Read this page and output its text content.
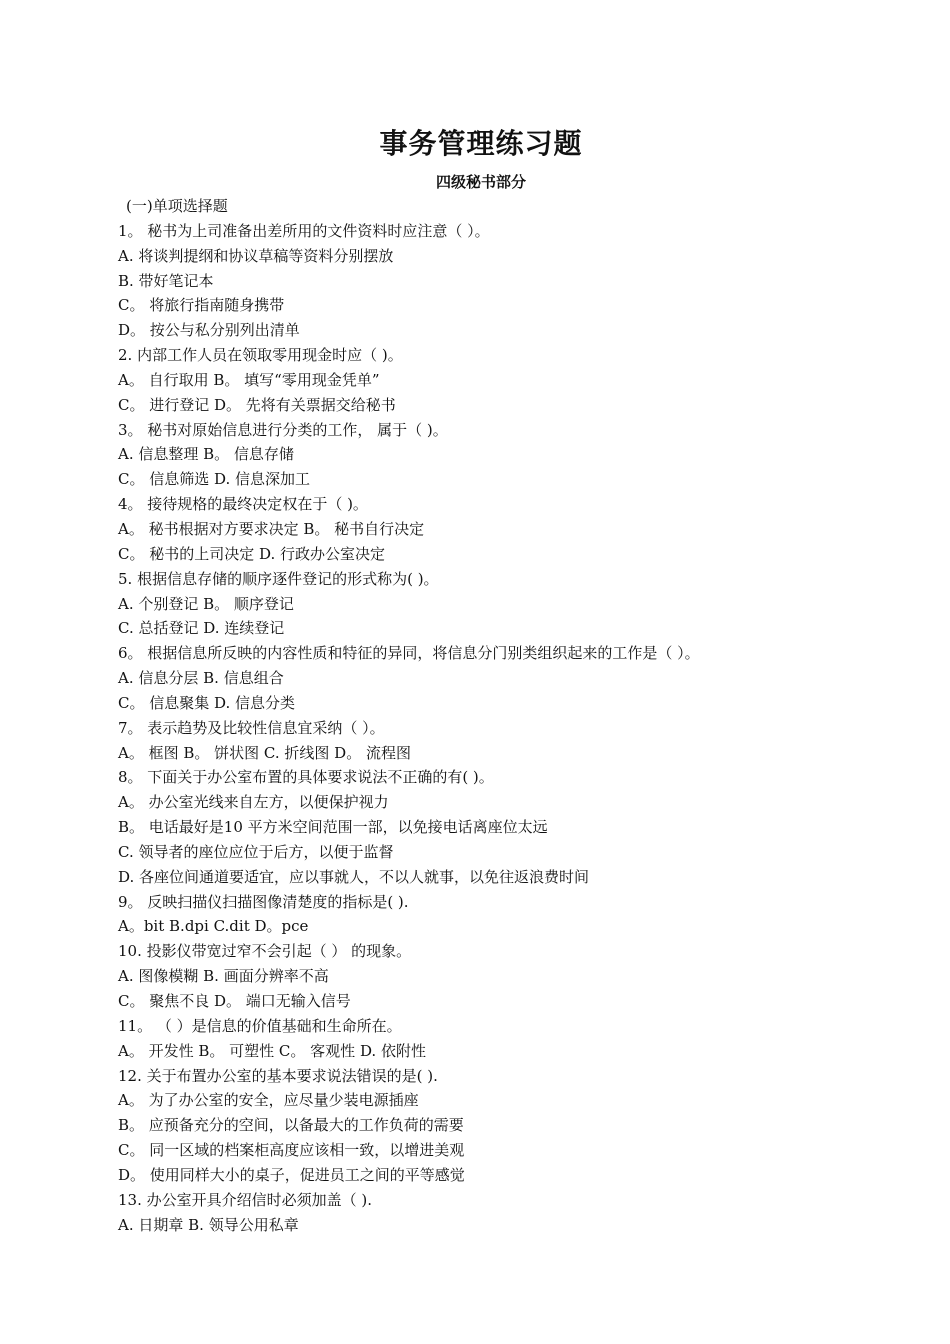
事务管理练习题
四级秘书部分
(一)单项选择题
1。 秘书为上司准备出差所用的文件资料时应注意（ ）。
A. 将谈判提纲和协议草稿等资料分别摆放
B. 带好笔记本
C。 将旅行指南随身携带
D。 按公与私分别列出清单
2. 内部工作人员在领取零用现金时应（ )。
A。 自行取用 B。 填写“零用现金凭单”
C。 进行登记 D。 先将有关票据交给秘书
3。 秘书对原始信息进行分类的工作， 属于（ )。
A. 信息整理 B。 信息存储
C。 信息筛选 D. 信息深加工
4。 接待规格的最终决定权在于（ )。
A。 秘书根据对方要求决定 B。 秘书自行决定
C。 秘书的上司决定 D. 行政办公室决定
5. 根据信息存储的顺序逐件登记的形式称为( )。
A. 个别登记 B。 顺序登记
C. 总括登记 D. 连续登记
6。 根据信息所反映的内容性质和特征的异同，将信息分门别类组织起来的工作是（ ）。
A. 信息分层 B. 信息组合
C。 信息聚集 D. 信息分类
7。 表示趋势及比较性信息宜采纳（ ）。
A。 框图 B。 饼状图 C. 折线图 D。 流程图
8。 下面关于办公室布置的具体要求说法不正确的有( )。
A。 办公室光线来自左方，以便保护视力
B。 电话最好是10 平方米空间范围一部，以免接电话离座位太远
C. 领导者的座位应位于后方，以便于监督
D. 各座位间通道要适宜，应以事就人，不以人就事，以免往返浪费时间
9。 反映扫描仪扫描图像清楚度的指标是( ).
A。bit B.dpi C.dit D。pce
10. 投影仪带宽过窄不会引起（ ） 的现象。
A. 图像模糊 B. 画面分辨率不高
C。 聚焦不良 D。 端口无输入信号
11。 （ ）是信息的价值基础和生命所在。
A。 开发性 B。 可塑性 C。 客观性 D. 依附性
12. 关于布置办公室的基本要求说法错误的是( ).
A。 为了办公室的安全，应尽量少装电源插座
B。 应预备充分的空间，以备最大的工作负荷的需要
C。 同一区域的档案柜高度应该相一致，以增进美观
D。 使用同样大小的桌子，促进员工之间的平等感觉
13. 办公室开具介绍信时必须加盖（ ).
A. 日期章 B. 领导公用私章
